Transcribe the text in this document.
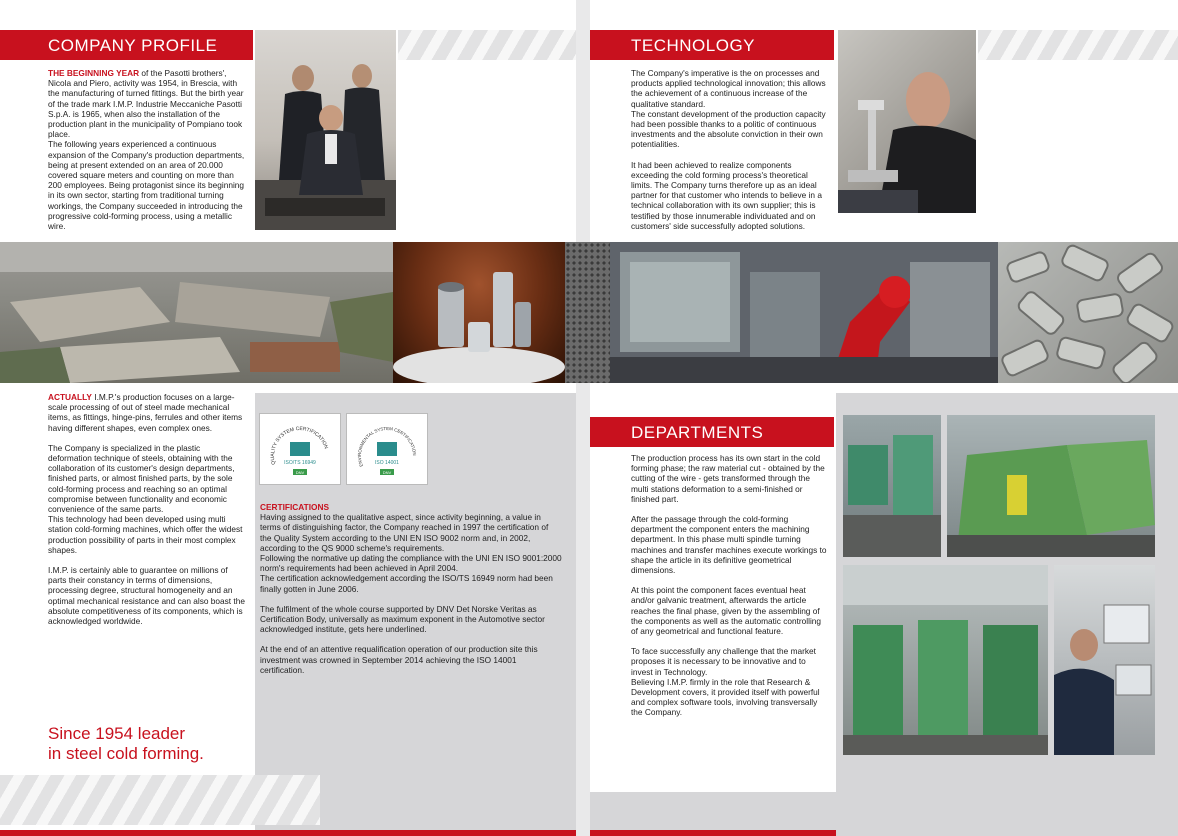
COMPANY PROFILE

THE BEGINNING YEAR of the Pasotti brothers', Nicola and Piero, activity was 1954, in Brescia, with the manufacturing of turned fittings. But the birth year of the trade mark I.M.P. Industrie Meccaniche Pasotti S.p.A. is 1965, when also the installation of the production plant in the municipality of Pompiano took place.

The following years experienced a continuous expansion of the Company's production departments, being at present extended on an area of 20.000 covered square meters and counting on more than 200 employees. Being protagonist since its beginning in its own sector, starting from traditional turning workings, the Company succeeded in introducing the progressive cold-forming process, using a metallic wire.

TECHNOLOGY

The Company's imperative is the on processes and products applied technological innovation; this allows the achievement of a continuous increase of the qualitative standard.

The constant development of the production capacity had been possible thanks to a politic of continuous investments and the absolute conviction in their own potentialities.

It had been achieved to realize components exceeding the cold forming process's theoretical limits. The Company turns therefore up as an ideal partner for that customer who intends to believe in a technical collaboration with its own supplier; this is testified by those innumerable individuated and on customers' side successfully adopted solutions.

ACTUALLY I.M.P.'s production focuses on a large-scale processing of out of steel made mechanical items, as fittings, hinge-pins, ferrules and other items having different shapes, even complex ones.

The Company is specialized in the plastic deformation technique of steels, obtaining with the collaboration of its customer's design departments, finished parts, or almost finished parts, by the sole cold-forming process and reaching so an optimal compromise between functionality and economic convenience of the same parts.

This technology had been developed using multi station cold-forming machines, which offer the widest production possibility of parts in their most complex shapes.

I.M.P. is certainly able to guarantee on millions of parts their constancy in terms of dimensions, processing degree, structural homogeneity and an optimal mechanical resistance and can also boast the absolute competitiveness of its components, which is acknowledged worldwide.

Since 1954 leader
in steel cold forming.
QUALITY SYSTEM CERTIFICATION
ISO/TS 16949
DNV
ENVIRONMENTAL SYSTEM CERTIFICATION
ISO 14001
DNV
CERTIFICATIONS

Having assigned to the qualitative aspect, since activity beginning, a value in terms of distinguishing factor, the Company reached in 1997 the certification of the Quality System according to the UNI EN ISO 9002 norm and, in 2002, according to the QS 9000 scheme's requirements.

Following the normative up dating the compliance with the UNI EN ISO 9001:2000 norm's requirements had been achieved in April 2004.

The certification acknowledgement according the ISO/TS 16949 norm had been finally gotten in June 2006.

The fulfilment of the whole course supported by DNV Det Norske Veritas as Certification Body, universally as maximum exponent in the Automotive sector acknowledged institute, gets here underlined.

At the end of an attentive requalification operation of our production site this investment was crowned in September 2014 achieving the ISO 14001 certification.

DEPARTMENTS

The production process has its own start in the cold forming phase; the raw material cut - obtained by the cutting of the wire - gets transformed through the multi stations deformation to a semi-finished or finished part.

After the passage through the cold-forming department the component enters the machining department. In this phase multi spindle turning machines and transfer machines execute workings to shape the article in its definitive geometrical dimensions.

At this point the component faces eventual heat and/or galvanic treatment, afterwards the article reaches the final phase, given by the assembling of the components as well as the automatic controlling of any geometrical and functional feature.

To face successfully any challenge that the market proposes it is necessary to be innovative and to invest in Technology.

Believing I.M.P. firmly in the role that Research & Development covers, it provided itself with powerful and complex software tools, involving transversally the Company.
